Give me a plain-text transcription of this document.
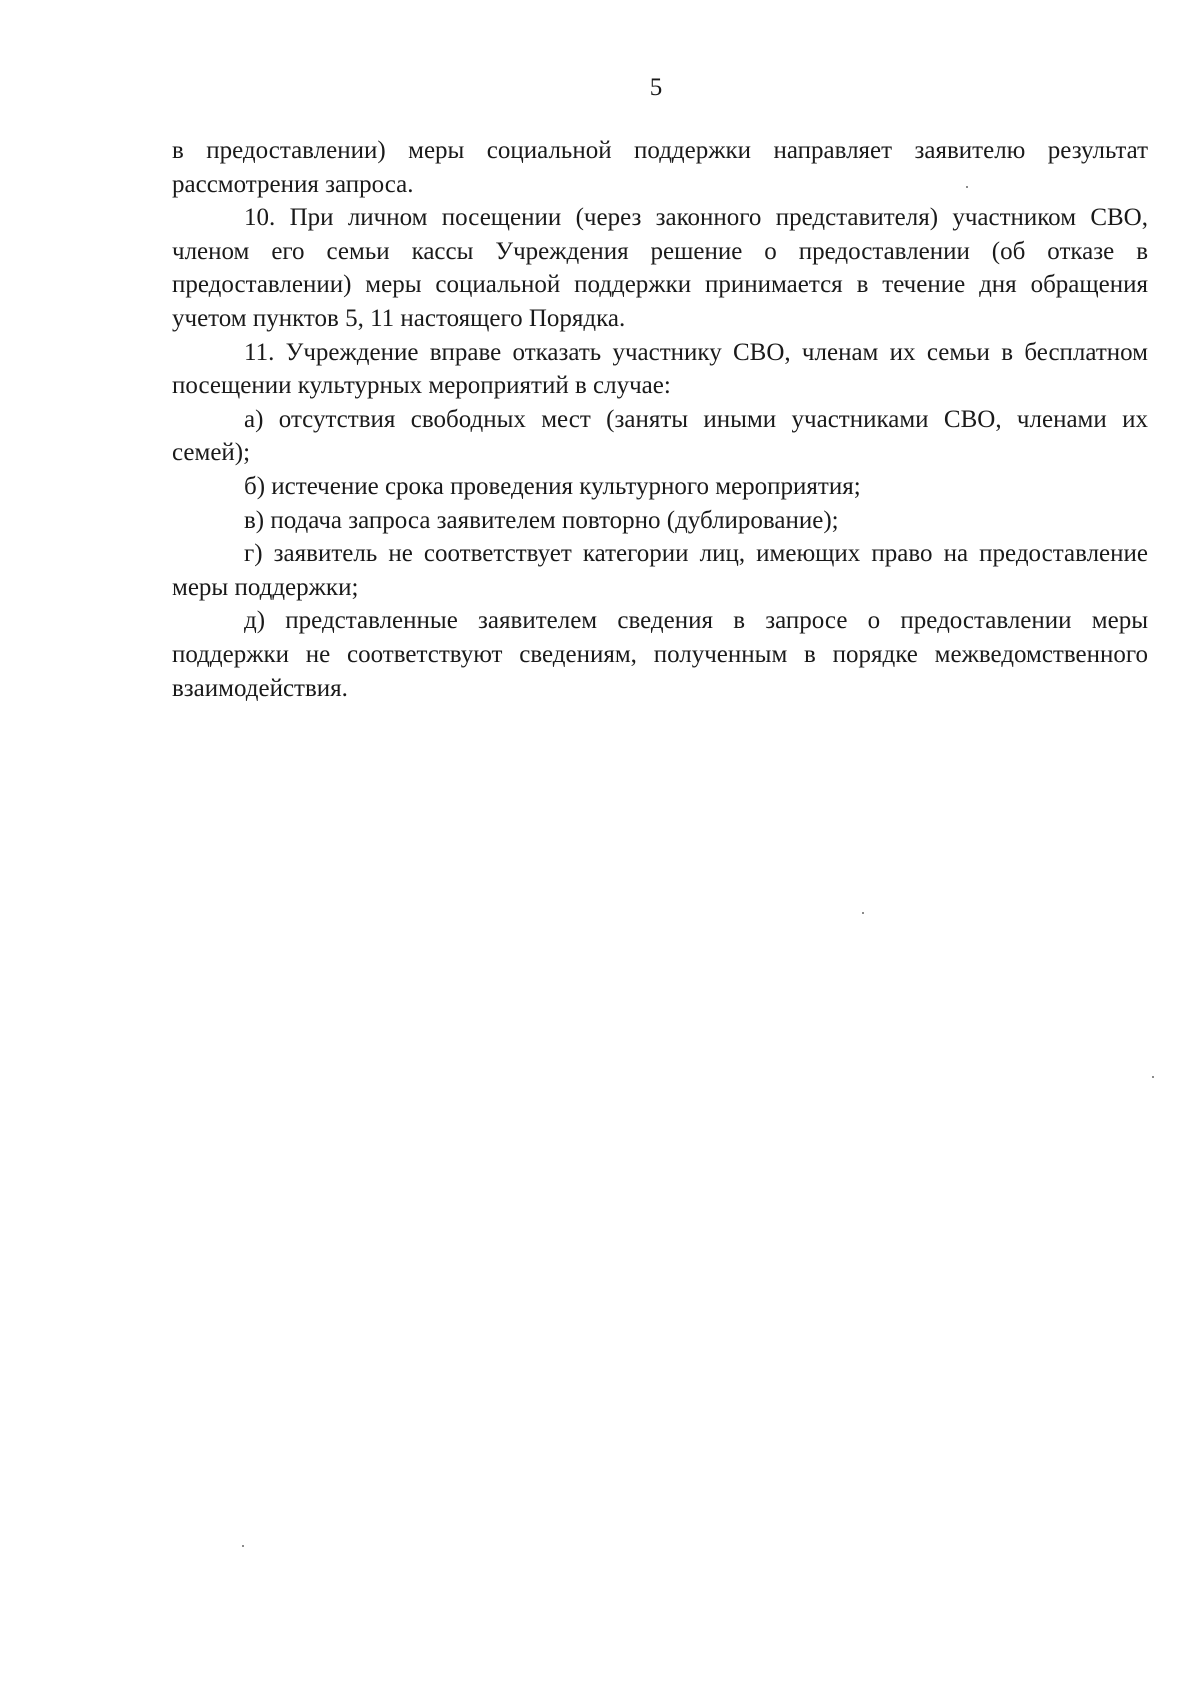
5

в предоставлении) меры социальной поддержки направляет заявителю результат рассмотрения запроса.

10. При личном посещении (через законного представителя) участником СВО, членом его семьи кассы Учреждения решение о предоставлении (об отказе в предоставлении) меры социальной поддержки принимается в течение дня обращения учетом пунктов 5, 11 настоящего Порядка.

11. Учреждение вправе отказать участнику СВО, членам их семьи в бесплатном посещении культурных мероприятий в случае:

а) отсутствия свободных мест (заняты иными участниками СВО, членами их семей);

б) истечение срока проведения культурного мероприятия;

в) подача запроса заявителем повторно (дублирование);

г) заявитель не соответствует категории лиц, имеющих право на предоставление меры поддержки;

д) представленные заявителем сведения в запросе о предоставлении меры поддержки не соответствуют сведениям, полученным в порядке межведомственного взаимодействия.
